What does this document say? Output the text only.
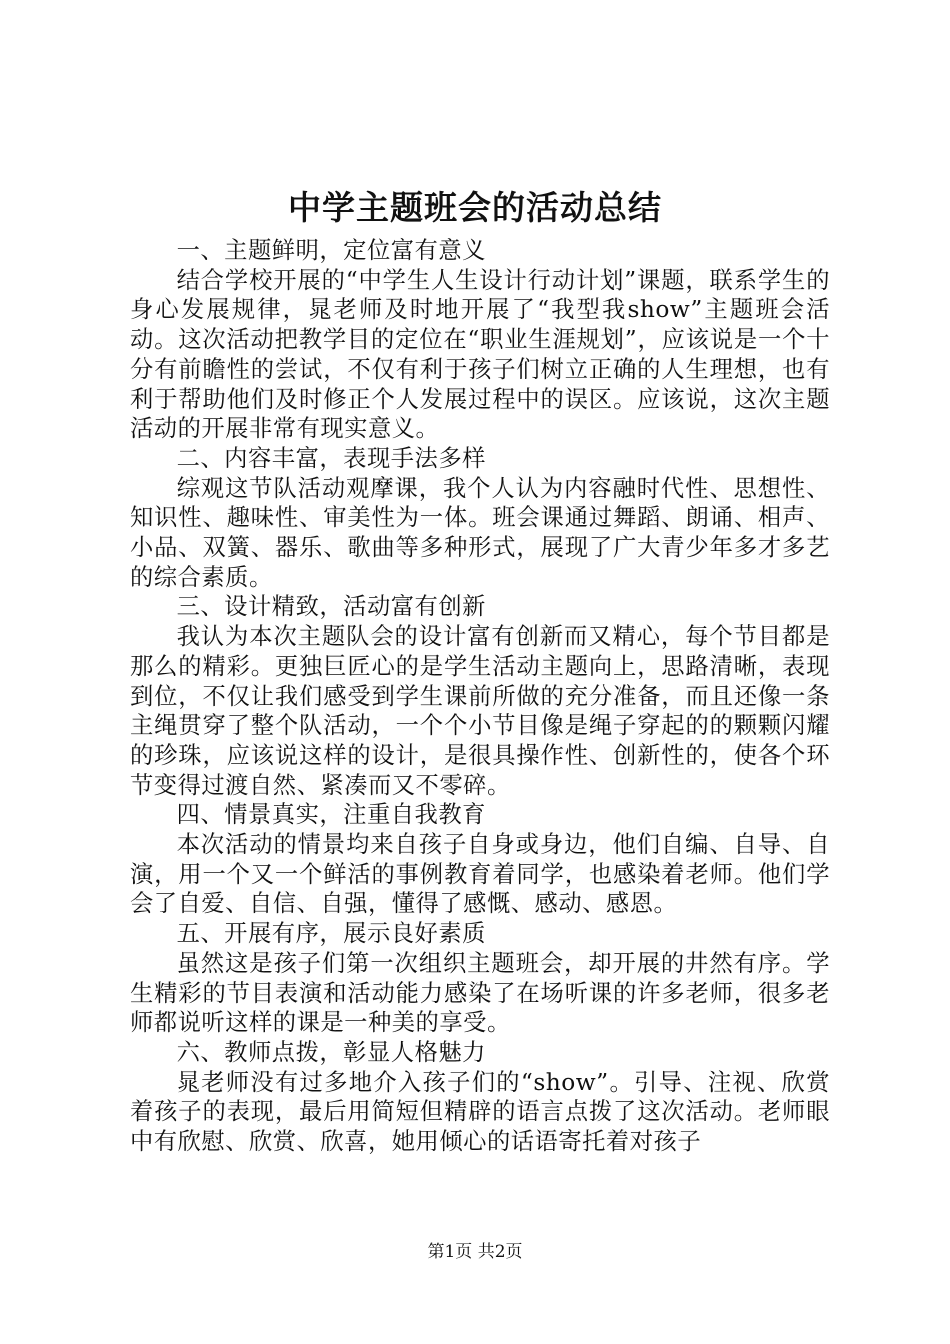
中学主题班会的活动总结

一、主题鲜明，定位富有意义

结合学校开展的“中学生人生设计行动计划”课题，联系学生的身心发展规律，晁老师及时地开展了“我型我show”主题班会活动。这次活动把教学目的定位在“职业生涯规划”，应该说是一个十分有前瞻性的尝试，不仅有利于孩子们树立正确的人生理想，也有利于帮助他们及时修正个人发展过程中的误区。应该说，这次主题活动的开展非常有现实意义。

二、内容丰富，表现手法多样

综观这节队活动观摩课，我个人认为内容融时代性、思想性、知识性、趣味性、审美性为一体。班会课通过舞蹈、朗诵、相声、小品、双簧、器乐、歌曲等多种形式，展现了广大青少年多才多艺的综合素质。

三、设计精致，活动富有创新

我认为本次主题队会的设计富有创新而又精心，每个节目都是那么的精彩。更独巨匠心的是学生活动主题向上，思路清晰，表现到位，不仅让我们感受到学生课前所做的充分准备，而且还像一条主绳贯穿了整个队活动，一个个小节目像是绳子穿起的的颗颗闪耀的珍珠，应该说这样的设计，是很具操作性、创新性的，使各个环节变得过渡自然、紧凑而又不零碎。

四、情景真实，注重自我教育

本次活动的情景均来自孩子自身或身边，他们自编、自导、自演，用一个又一个鲜活的事例教育着同学，也感染着老师。他们学会了自爱、自信、自强，懂得了感慨、感动、感恩。

五、开展有序，展示良好素质

虽然这是孩子们第一次组织主题班会，却开展的井然有序。学生精彩的节目表演和活动能力感染了在场听课的许多老师，很多老师都说听这样的课是一种美的享受。

六、教师点拨，彰显人格魅力

晁老师没有过多地介入孩子们的“show”。引导、注视、欣赏着孩子的表现，最后用简短但精辟的语言点拨了这次活动。老师眼中有欣慰、欣赏、欣喜，她用倾心的话语寄托着对孩子

第1页 共2页
